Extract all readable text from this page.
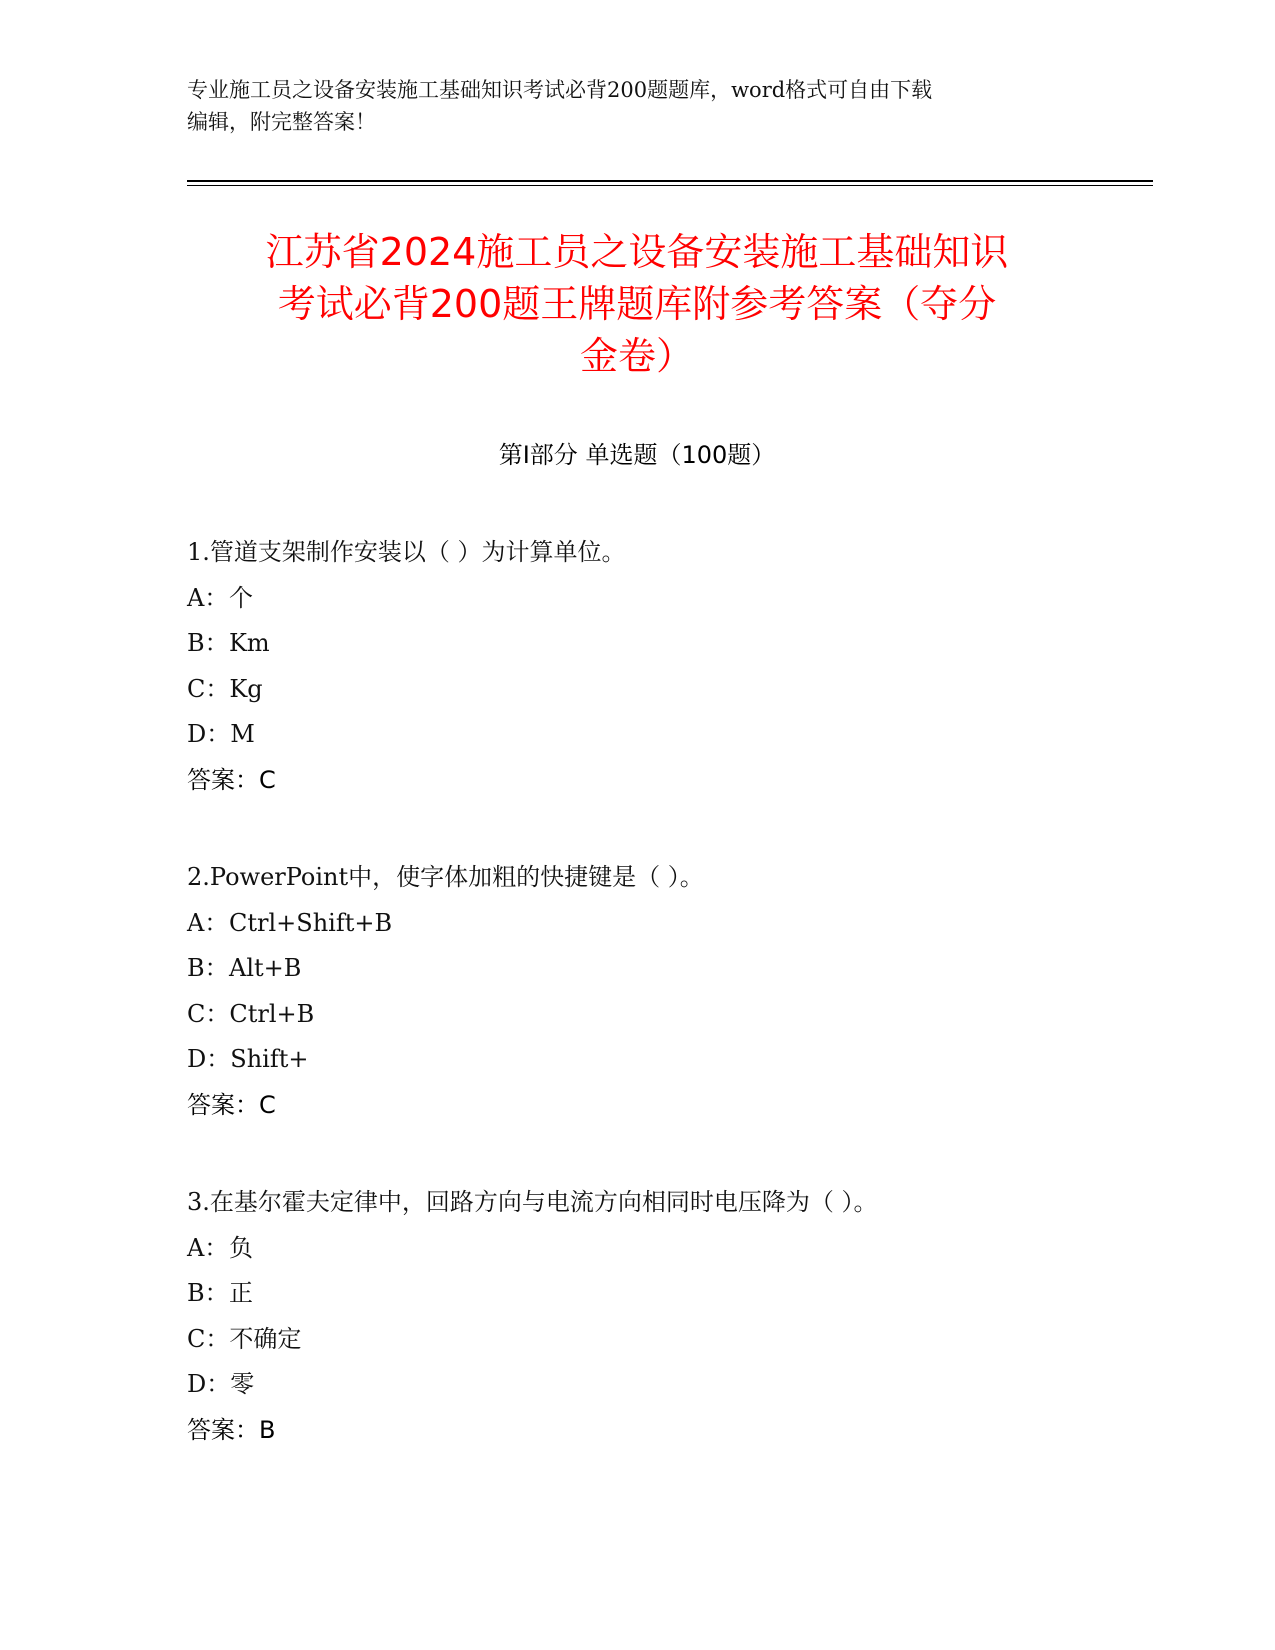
专业施工员之设备安装施工基础知识考试必背200题题库，word格式可自由下载
编辑，附完整答案！
江苏省2024施工员之设备安装施工基础知识
考试必背200题王牌题库附参考答案（夺分
金卷）
第I部分 单选题（100题）
1.管道支架制作安装以（ ）为计算单位。
A：个
B：Km
C：Kg
D：M
答案：C
2.PowerPoint中，使字体加粗的快捷键是（ ）。
A：Ctrl+Shift+B
B：Alt+B
C：Ctrl+B
D：Shift+
答案：C
3.在基尔霍夫定律中，回路方向与电流方向相同时电压降为（ ）。
A：负
B：正
C：不确定
D：零
答案：B
